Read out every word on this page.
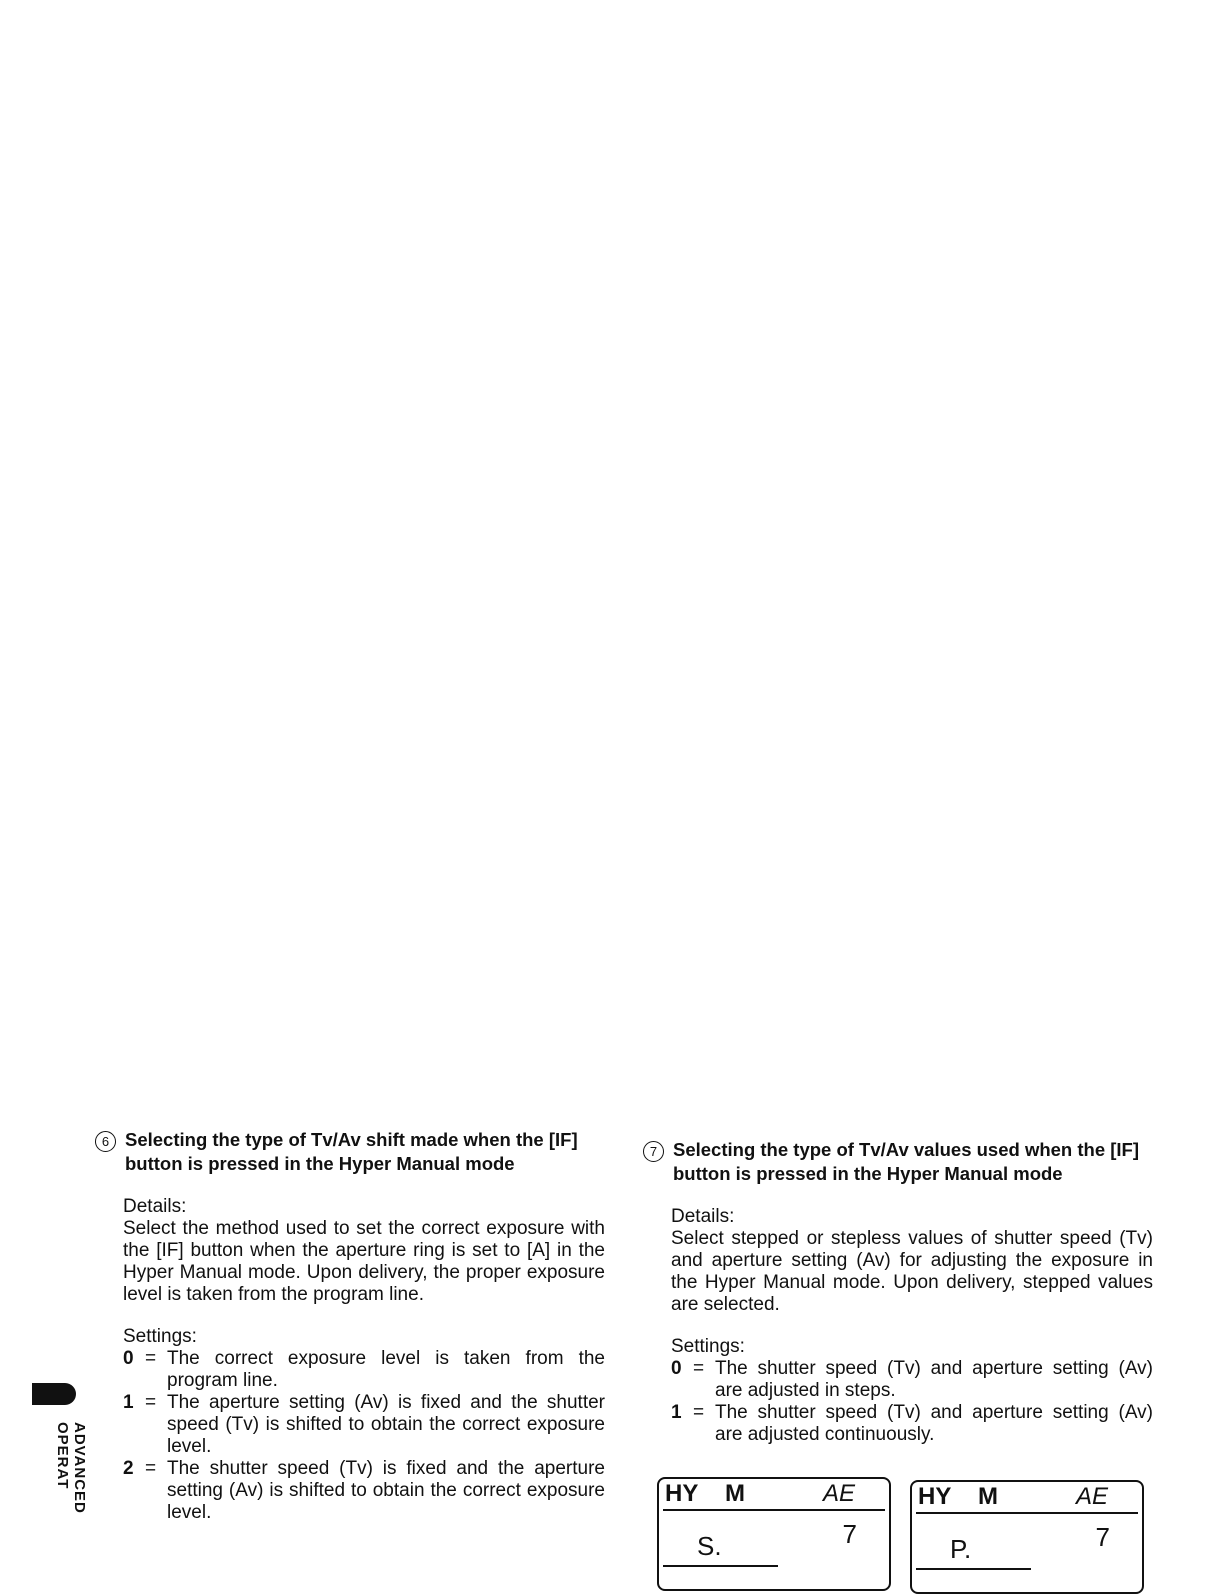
ADVANCED OPERAT
6 Selecting the type of Tv/Av shift made when the [IF] button is pressed in the Hyper Manual mode
Details:
Select the method used to set the correct exposure with the [IF] button when the aperture ring is set to [A] in the Hyper Manual mode. Upon delivery, the proper exposure level is taken from the program line.
Settings:
0 = The correct exposure level is taken from the program line.
1 = The aperture setting (Av) is fixed and the shutter speed (Tv) is shifted to obtain the correct exposure level.
2 = The shutter speed (Tv) is fixed and the aperture setting (Av) is shifted to obtain the correct exposure level.
7 Selecting the type of Tv/Av values used when the [IF] button is pressed in the Hyper Manual mode
Details:
Select stepped or stepless values of shutter speed (Tv) and aperture setting (Av) for adjusting the exposure in the Hyper Manual mode. Upon delivery, stepped values are selected.
Settings:
0 = The shutter speed (Tv) and aperture setting (Av) are adjusted in steps.
1 = The shutter speed (Tv) and aperture setting (Av) are adjusted continuously.
HY M	AE
7
S.
HY M	AE
7
P.
